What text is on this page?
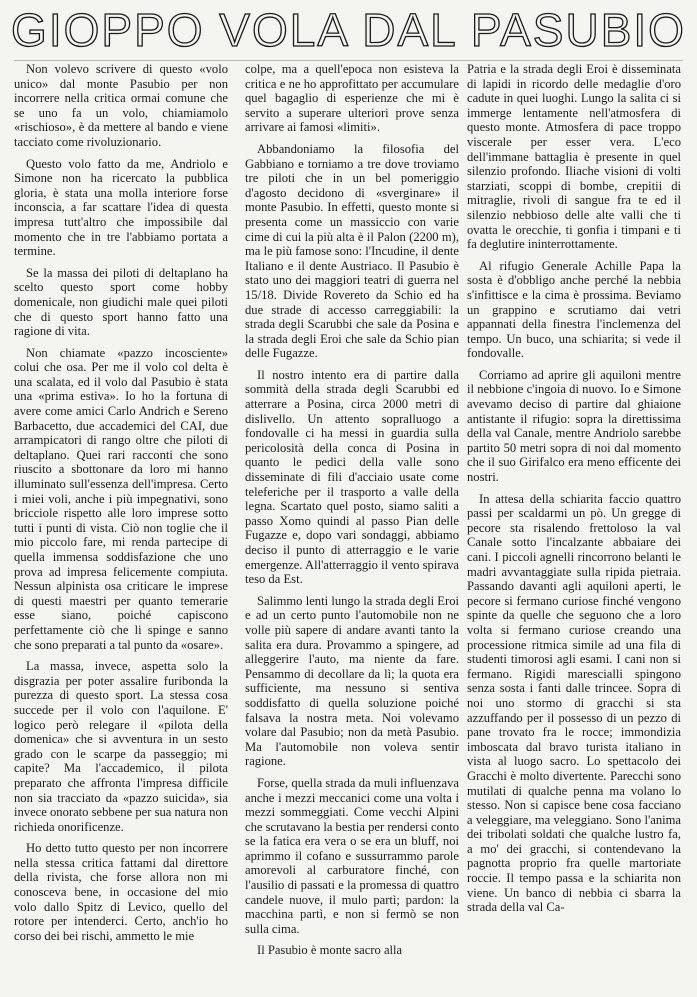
GIOPPO VOLA DAL PASUBIO

Non volevo scrivere di questo «volo unico» dal monte Pasubio per non incorrere nella critica ormai comune che se uno fa un volo, chiamiamolo «rischioso», è da mettere al bando e viene tacciato come rivoluzionario.

Questo volo fatto da me, Andriolo e Simone non ha ricercato la pubblica gloria, è stata una molla interiore forse inconscia, a far scattare l'idea di questa impresa tutt'altro che impossibile dal momento che in tre l'abbiamo portata a termine.

Se la massa dei piloti di deltaplano ha scelto questo sport come hobby domenicale, non giudichi male quei piloti che di questo sport hanno fatto una ragione di vita.

Non chiamate «pazzo incosciente» colui che osa. Per me il volo col delta è una scalata, ed il volo dal Pasubio è stata una «prima estiva». Io ho la fortuna di avere come amici Carlo Andrich e Sereno Barbacetto, due accademici del CAI, due arrampicatori di rango oltre che piloti di deltaplano. Quei rari racconti che sono riuscito a sbottonare da loro mi hanno illuminato sull'essenza dell'impresa. Certo i miei voli, anche i più impegnativi, sono bricciole rispetto alle loro imprese sotto tutti i punti di vista. Ciò non toglie che il mio piccolo fare, mi renda partecipe di quella immensa soddisfazione che uno prova ad impresa felicemente compiuta. Nessun alpinista osa criticare le imprese di questi maestri per quanto temerarie esse siano, poiché capiscono perfettamente ciò che li spinge e sanno che sono preparati a tal punto da «osare».

La massa, invece, aspetta solo la disgrazia per poter assalire furibonda la purezza di questo sport. La stessa cosa succede per il volo con l'aquilone. E' logico però relegare il «pilota della domenica» che si avventura in un sesto grado con le scarpe da passeggio; mi capite? Ma l'accademico, il pilota preparato che affronta l'impresa difficile non sia tracciato da «pazzo suicida», sia invece onorato sebbene per sua natura non richieda onorificenze.

Ho detto tutto questo per non incorrere nella stessa critica fattami dal direttore della rivista, che forse allora non mi conosceva bene, in occasione del mio volo dallo Spitz di Levico, quello del rotore per intenderci. Certo, anch'io ho corso dei bei rischi, ammetto le mie

colpe, ma a quell'epoca non esisteva la critica e ne ho approfittato per accumulare quel bagaglio di esperienze che mi è servito a superare ulteriori prove senza arrivare ai famosi «limiti».

Abbandoniamo la filosofia del Gabbiano e torniamo a tre dove troviamo tre piloti che in un bel pomeriggio d'agosto decidono di «sverginare» il monte Pasubio. In effetti, questo monte si presenta come un massiccio con varie cime di cui la più alta è il Palon (2200 m), ma le più famose sono: l'Incudine, il dente Italiano e il dente Austriaco. Il Pasubio è stato uno dei maggiori teatri di guerra nel 15/18. Divide Rovereto da Schio ed ha due strade di accesso carreggiabili: la strada degli Scarubbi che sale da Posina e la strada degli Eroi che sale da Schio pian delle Fugazze.

Il nostro intento era di partire dalla sommità della strada degli Scarubbi ed atterrare a Posina, circa 2000 metri di dislivello. Un attento sopralluogo a fondovalle ci ha messi in guardia sulla pericolosità della conca di Posina in quanto le pedici della valle sono disseminate di fili d'acciaio usate come teleferiche per il trasporto a valle della legna. Scartato quel posto, siamo saliti a passo Xomo quindi al passo Pian delle Fugazze e, dopo vari sondaggi, abbiamo deciso il punto di atterraggio e le varie emergenze. All'atterraggio il vento spirava teso da Est.

Salimmo lenti lungo la strada degli Eroi e ad un certo punto l'automobile non ne volle più sapere di andare avanti tanto la salita era dura. Provammo a spingere, ad alleggerire l'auto, ma niente da fare. Pensammo di decollare da lì; la quota era sufficiente, ma nessuno si sentiva soddisfatto di quella soluzione poiché falsava la nostra meta. Noi volevamo volare dal Pasubio; non da metà Pasubio. Ma l'automobile non voleva sentir ragione.

Forse, quella strada da muli influenzava anche i mezzi meccanici come una volta i mezzi sommeggiati. Come vecchi Alpini che scrutavano la bestia per rendersi conto se la fatica era vera o se era un bluff, noi aprimmo il cofano e sussurrammo parole amorevoli al carburatore finché, con l'ausilio di passati e la promessa di quattro candele nuove, il mulo partì; pardon: la macchina partì, e non si fermò se non sulla cima.

Il Pasubio è monte sacro alla

Patria e la strada degli Eroi è disseminata di lapidi in ricordo delle medaglie d'oro cadute in quei luoghi. Lungo la salita ci si immerge lentamente nell'atmosfera di questo monte. Atmosfera di pace troppo viscerale per esser vera. L'eco dell'immane battaglia è presente in quel silenzio profondo. Iliache visioni di volti starziati, scoppi di bombe, crepitii di mitraglie, rivoli di sangue fra te ed il silenzio nebbioso delle alte valli che ti ovatta le orecchie, ti gonfia i timpani e ti fa deglutire ininterrottamente.

Al rifugio Generale Achille Papa la sosta è d'obbligo anche perché la nebbia s'infittisce e la cima è prossima. Beviamo un grappino e scrutiamo dai vetri appannati della finestra l'inclemenza del tempo. Un buco, una schiarita; si vede il fondovalle.

Corriamo ad aprire gli aquiloni mentre il nebbione c'ingoia di nuovo. Io e Simone avevamo deciso di partire dal ghiaione antistante il rifugio: sopra la direttissima della val Canale, mentre Andriolo sarebbe partito 50 metri sopra di noi dal momento che il suo Girifalco era meno efficente dei nostri.

In attesa della schiarita faccio quattro passi per scaldarmi un pò. Un gregge di pecore sta risalendo frettoloso la val Canale sotto l'incalzante abbaiare dei cani. I piccoli agnelli rincorrono belanti le madri avvantaggiate sulla ripida pietraia. Passando davanti agli aquiloni aperti, le pecore si fermano curiose finché vengono spinte da quelle che seguono che a loro volta si fermano curiose creando una processione ritmica simile ad una fila di studenti timorosi agli esami. I cani non si fermano. Rigidi marescialli spingono senza sosta i fanti dalle trincee. Sopra di noi uno stormo di gracchi si sta azzuffando per il possesso di un pezzo di pane trovato fra le rocce; immondizia imboscata dal bravo turista italiano in vista al luogo sacro. Lo spettacolo dei Gracchi è molto divertente. Parecchi sono mutilati di qualche penna ma volano lo stesso. Non si capisce bene cosa facciano a veleggiare, ma veleggiano. Sono l'anima dei tribolati soldati che qualche lustro fa, a mo' dei gracchi, si contendevano la pagnotta proprio fra quelle martoriate roccie. Il tempo passa e la schiarita non viene. Un banco di nebbia ci sbarra la strada della val Ca-
